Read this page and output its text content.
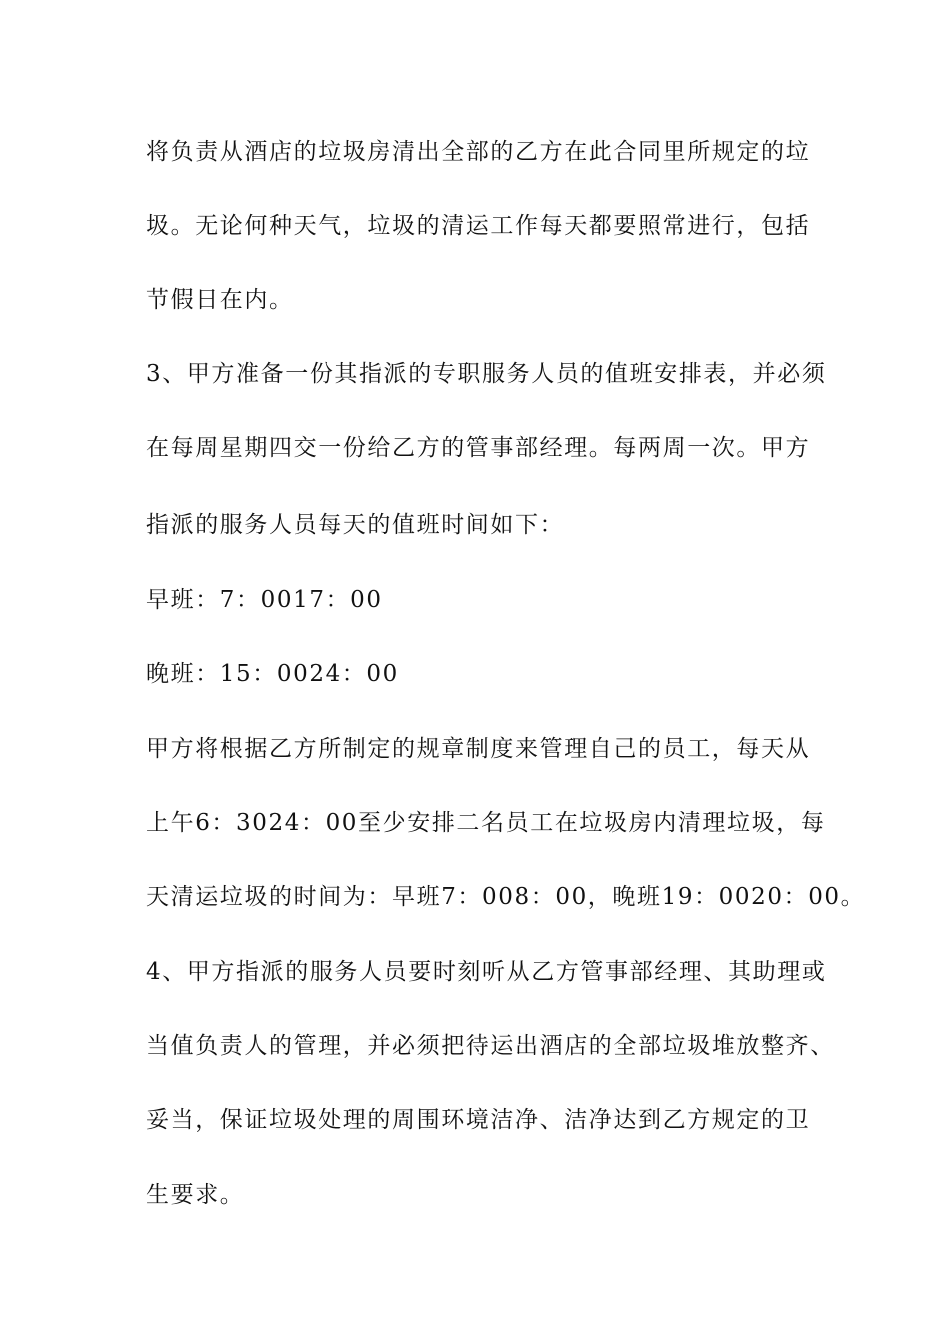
将负责从酒店的垃圾房清出全部的乙方在此合同里所规定的垃
圾。无论何种天气，垃圾的清运工作每天都要照常进行，包括
节假日在内。
3、甲方准备一份其指派的专职服务人员的值班安排表，并必须
在每周星期四交一份给乙方的管事部经理。每两周一次。甲方
指派的服务人员每天的值班时间如下：
早班：7：0017：00
晚班：15：0024：00
甲方将根据乙方所制定的规章制度来管理自己的员工，每天从
上午6：3024：00至少安排二名员工在垃圾房内清理垃圾，每
天清运垃圾的时间为：早班7：008：00，晚班19：0020：00。
4、甲方指派的服务人员要时刻听从乙方管事部经理、其助理或
当值负责人的管理，并必须把待运出酒店的全部垃圾堆放整齐、
妥当，保证垃圾处理的周围环境洁净、洁净达到乙方规定的卫
生要求。
